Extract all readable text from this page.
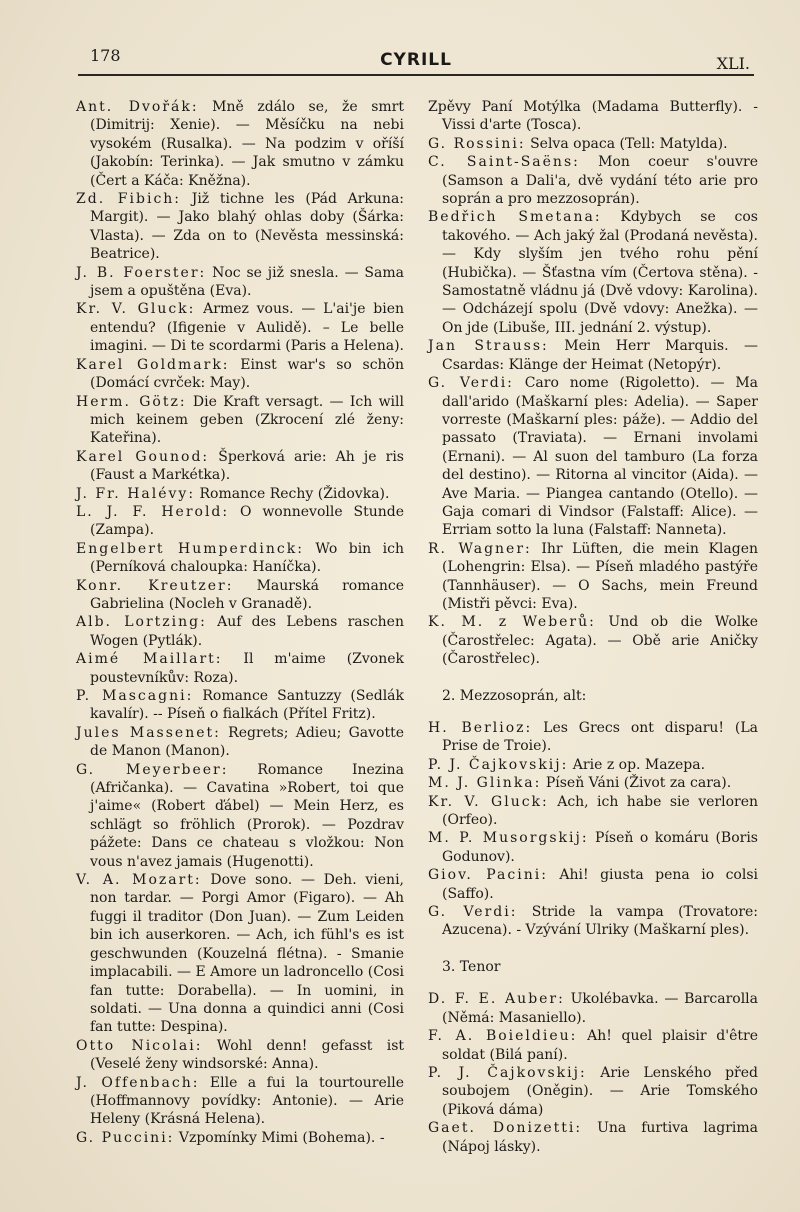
178	CYRILL	XLI.

Ant. Dvořák: Mně zdálo se, že smrt (Dimitrij: Xenie). — Měsíčku na nebi vysokém (Rusalka). — Na podzim v oříší (Jakobín: Terinka). — Jak smutno v zámku (Čert a Káča: Kněžna).

Zd. Fibich: Již tichne les (Pád Arkuna: Margit). — Jako blahý ohlas doby (Šárka: Vlasta). — Zda on to (Nevěsta messinská: Beatrice).

J. B. Foerster: Noc se již snesla. — Sama jsem a opuštěna (Eva).

Kr. V. Gluck: Armez vous. — L'ai'je bien entendu? (Ifigenie v Aulidě). – Le belle imagini. — Di te scordarmi (Paris a Helena).

Karel Goldmark: Einst war's so schön (Domácí cvrček: May).

Herm. Götz: Die Kraft versagt. — Ich will mich keinem geben (Zkrocení zlé ženy: Kateřina).

Karel Gounod: Šperková arie: Ah je ris (Faust a Markétka).

J. Fr. Halévy: Romance Rechy (Židovka).

L. J. F. Herold: O wonnevolle Stunde (Zampa).

Engelbert Humperdinck: Wo bin ich (Perníková chaloupka: Haníčka).

Konr. Kreutzer: Maurská romance Gabrielina (Nocleh v Granadě).

Alb. Lortzing: Auf des Lebens raschen Wogen (Pytlák).

Aimé Maillart: Il m'aime (Zvonek poustevníkův: Roza).

P. Mascagni: Romance Santuzzy (Sedlák kavalír). -- Píseň o fialkách (Přítel Fritz).

Jules Massenet: Regrets; Adieu; Gavotte de Manon (Manon).

G. Meyerbeer: Romance Inezina (Afričanka). — Cavatina »Robert, toi que j'aime« (Robert ďábel) — Mein Herz, es schlägt so fröhlich (Prorok). — Pozdrav pážete: Dans ce chateau s vložkou: Non vous n'avez jamais (Hugenotti).

V. A. Mozart: Dove sono. — Deh. vieni, non tardar. — Porgi Amor (Figaro). — Ah fuggi il traditor (Don Juan). — Zum Leiden bin ich auserkoren. — Ach, ich fühl's es ist geschwunden (Kouzelná flétna). - Smanie implacabili. — E Amore un ladroncello (Cosi fan tutte: Dorabella). — In uomini, in soldati. — Una donna a quindici anni (Cosi fan tutte: Despina).

Otto Nicolai: Wohl denn! gefasst ist (Veselé ženy windsorské: Anna).

J. Offenbach: Elle a fui la tourtourelle (Hoffmannovy povídky: Antonie). — Arie Heleny (Krásná Helena).

G. Puccini: Vzpomínky Mimi (Bohema). -

Zpěvy Paní Motýlka (Madama Butterfly). - Vissi d'arte (Tosca).

G. Rossini: Selva opaca (Tell: Matylda).

C. Saint-Saëns: Mon coeur s'ouvre (Samson a Dali'a, dvě vydání této arie pro soprán a pro mezzosoprán).

Bedřich Smetana: Kdybych se cos takového. — Ach jaký žal (Prodaná nevěsta). — Kdy slyším jen tvého rohu pění (Hubička). — Šťastna vím (Čertova stěna). - Samostatně vládnu já (Dvě vdovy: Karolina). — Odcházejí spolu (Dvě vdovy: Anežka). — On jde (Libuše, III. jednání 2. výstup).

Jan Strauss: Mein Herr Marquis. — Csardas: Klänge der Heimat (Netopýr).

G. Verdi: Caro nome (Rigoletto). — Ma dall'arido (Maškarní ples: Adelia). — Saper vorreste (Maškarní ples: páže). — Addio del passato (Traviata). — Ernani involami (Ernani). — Al suon del tamburo (La forza del destino). — Ritorna al vincitor (Aida). — Ave Maria. — Piangea cantando (Otello). — Gaja comari di Vindsor (Falstaff: Alice). — Erriam sotto la luna (Falstaff: Nanneta).

R. Wagner: Ihr Lüften, die mein Klagen (Lohengrin: Elsa). — Píseň mladého pastýře (Tannhäuser). — O Sachs, mein Freund (Mistři pěvci: Eva).

K. M. z Weberů: Und ob die Wolke (Čarostřelec: Agata). — Obě arie Aničky (Čarostřelec).

2. Mezzosoprán, alt:

H. Berlioz: Les Grecs ont disparu! (La Prise de Troie).

P. J. Čajkovskij: Arie z op. Mazepa.

M. J. Glinka: Píseň Váni (Život za cara).

Kr. V. Gluck: Ach, ich habe sie verloren (Orfeo).

M. P. Musorgskij: Píseň o komáru (Boris Godunov).

Giov. Pacini: Ahi! giusta pena io colsi (Saffo).

G. Verdi: Stride la vampa (Trovatore: Azucena). - Vzývání Ulriky (Maškarní ples).

3. Tenor

D. F. E. Auber: Ukolébavka. — Barcarolla (Němá: Masaniello).

F. A. Boieldieu: Ah! quel plaisir d'être soldat (Bilá paní).

P. J. Čajkovskij: Arie Lenského před soubojem (Oněgin). — Arie Tomského (Piková dáma)

Gaet. Donizetti: Una furtiva lagrima (Nápoj lásky).
